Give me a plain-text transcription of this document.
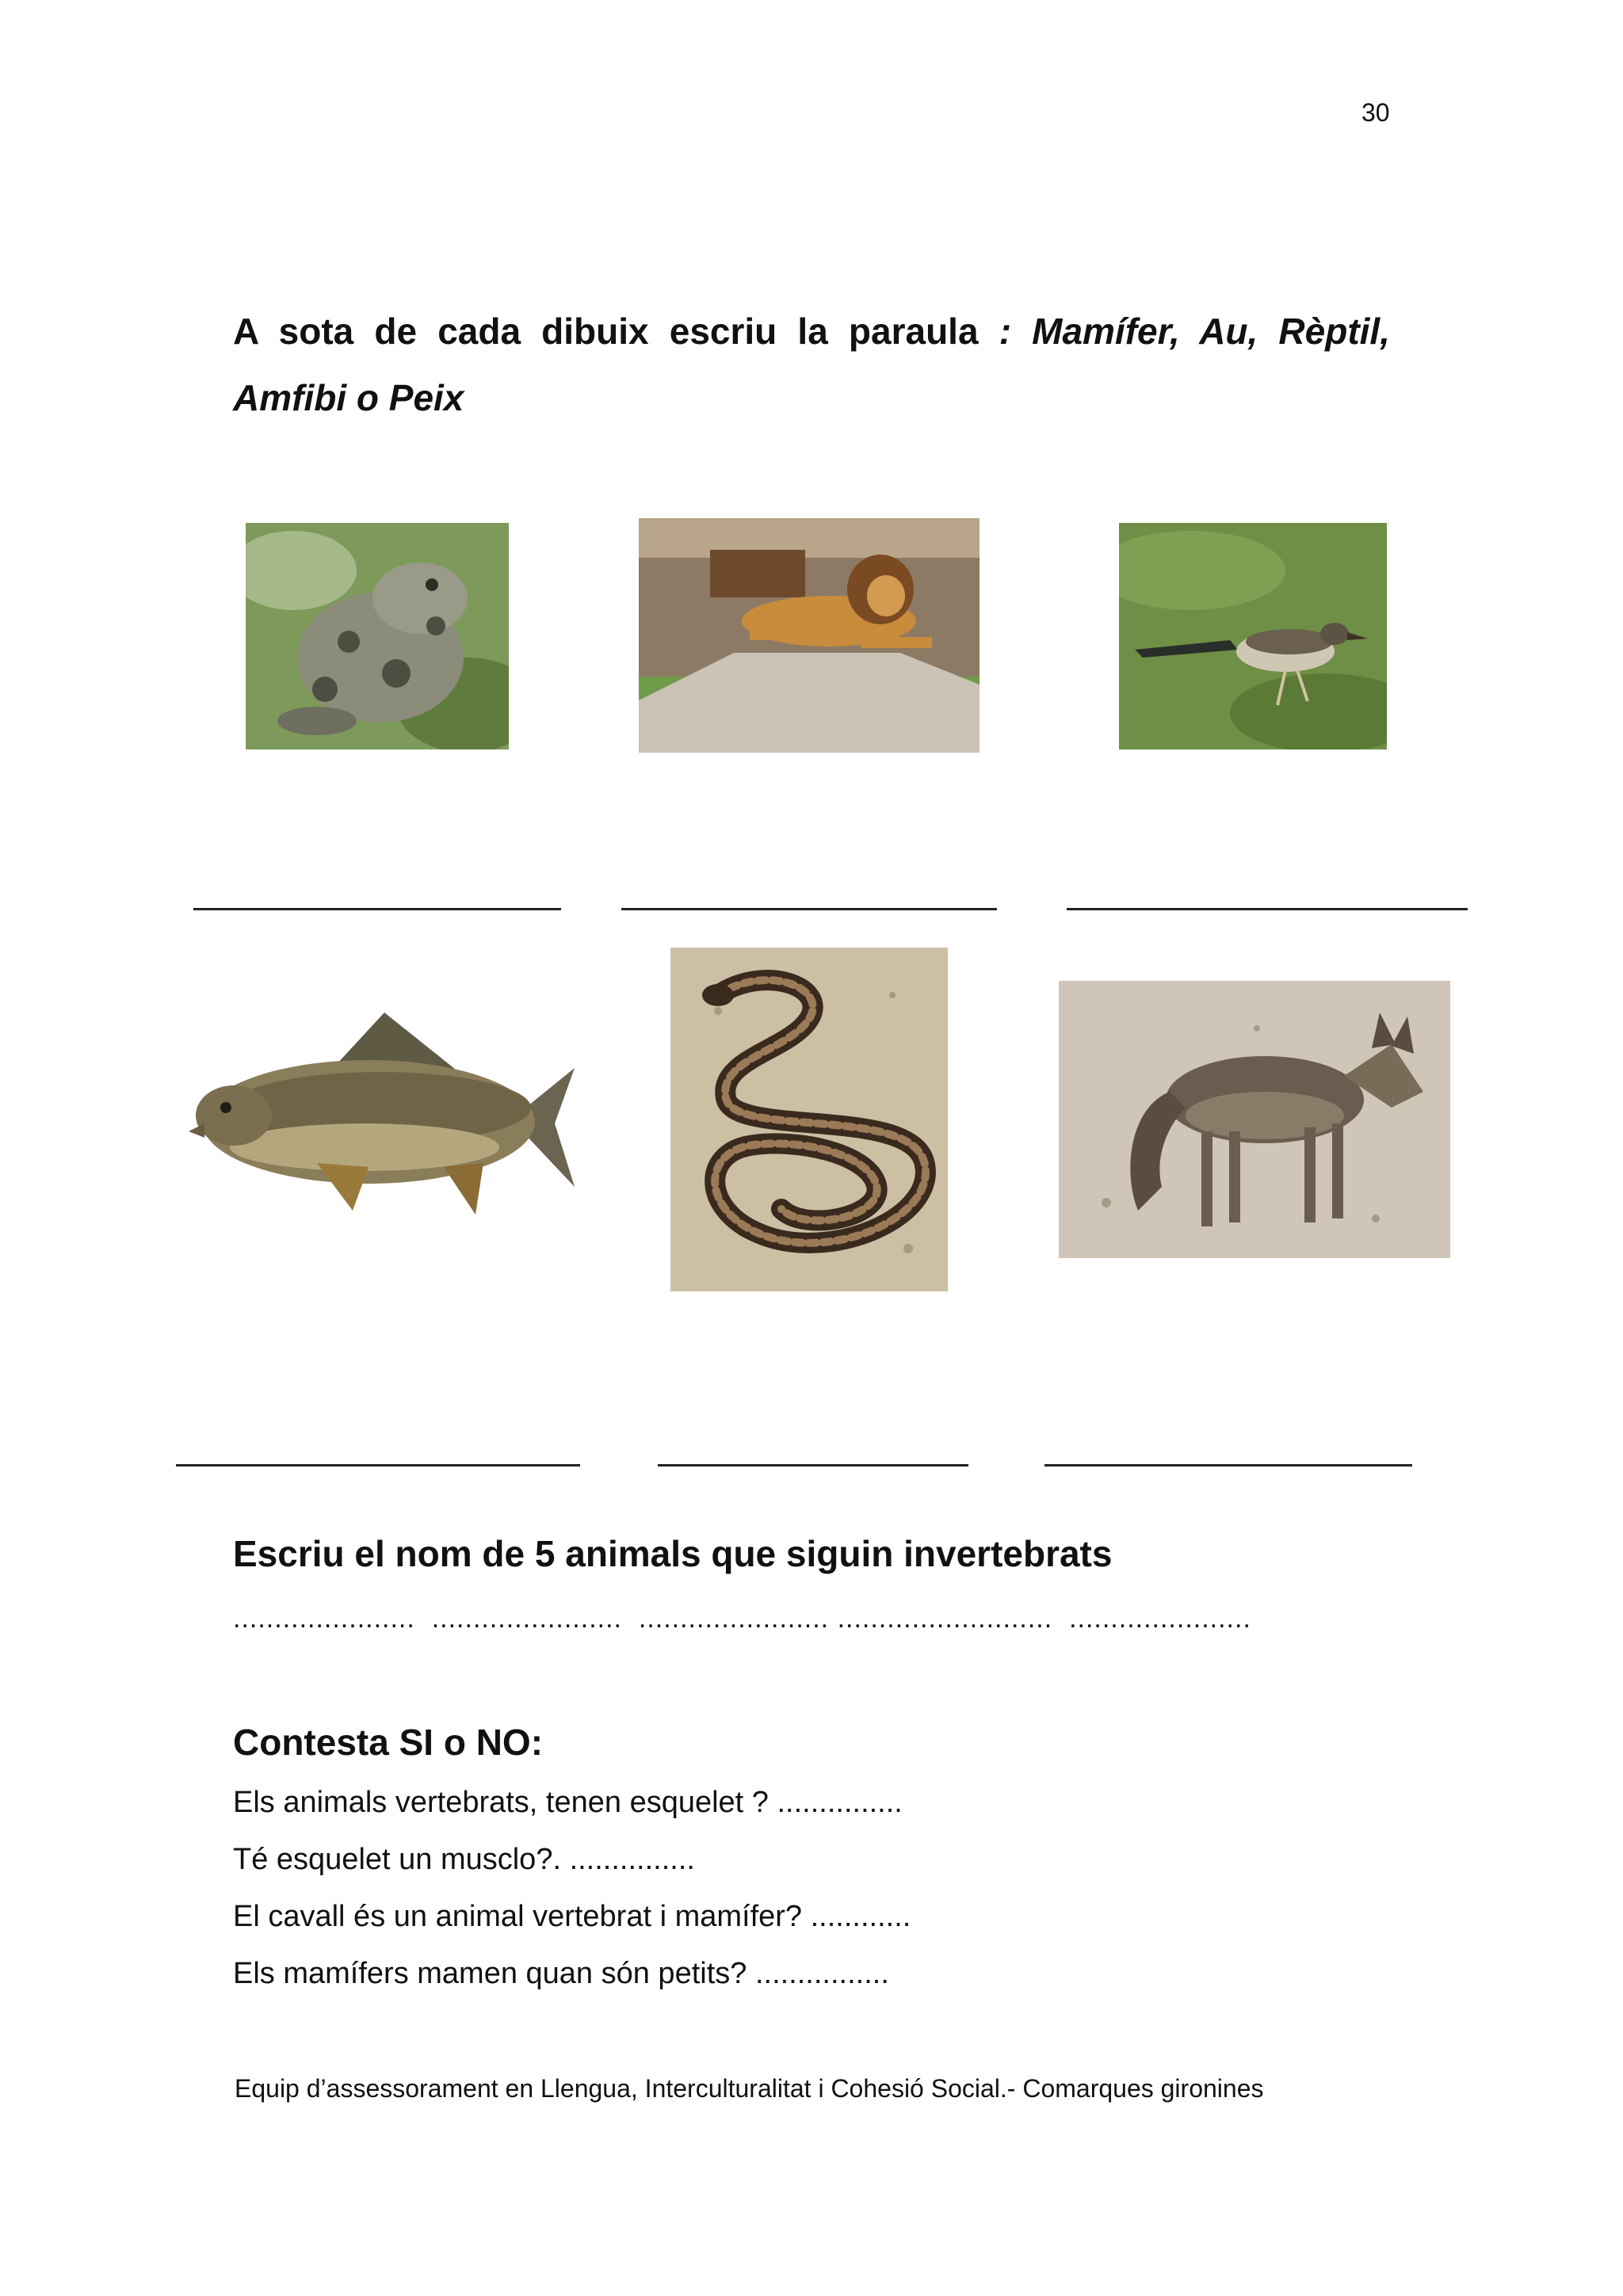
30
A sota de cada dibuix escriu la paraula : Mamífer, Au, Rèptil, Amfibi o Peix
Escriu el nom de 5 animals que siguin invertebrats
......................  .......................  ....................... ..........................  ......................
Contesta SI o NO:
Els animals vertebrats, tenen esquelet ? ...............
Té esquelet un musclo?. ...............
El cavall és un animal vertebrat i mamífer? ............
Els mamífers mamen quan són petits? ................
Equip d’assessorament en Llengua, Interculturalitat i Cohesió Social.- Comarques gironines
